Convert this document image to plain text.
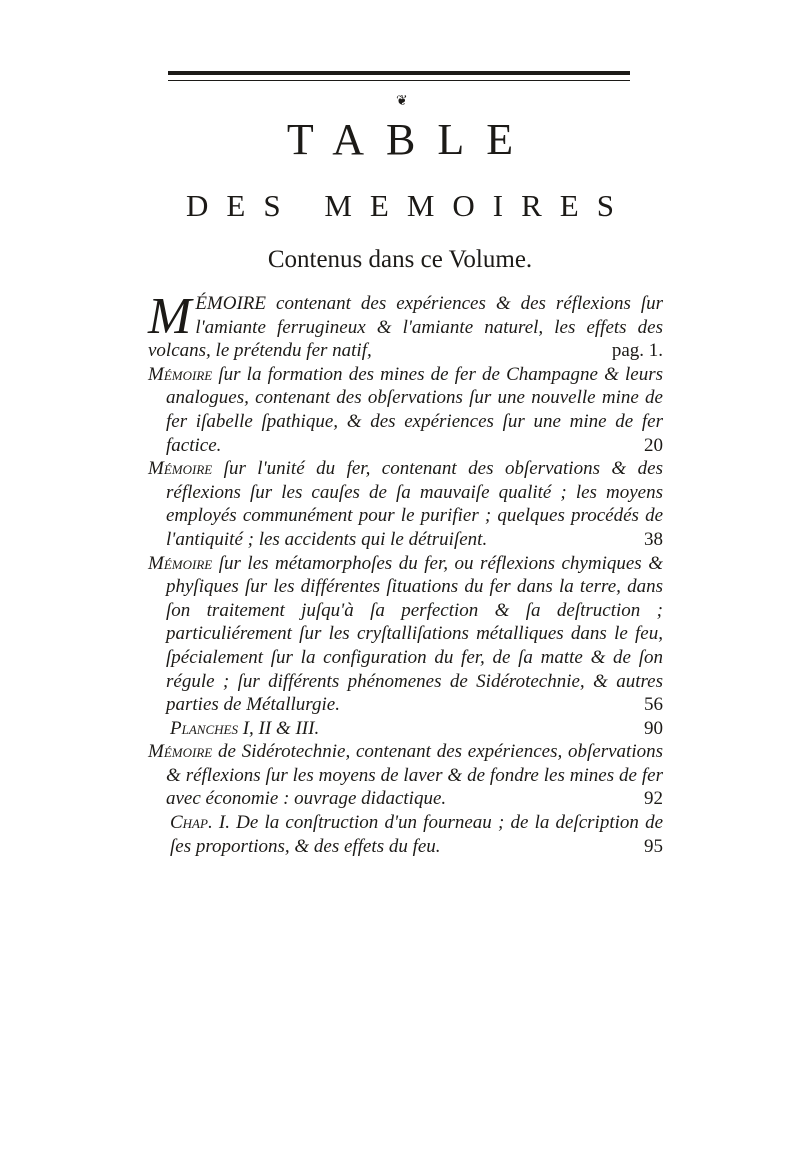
❦
TABLE
DES MEMOIRES
Contenus dans ce Volume.

MÉMOIRE contenant des expériences & des réflexions ſur l'amiante ferrugineux & l'amiante naturel, les effets des volcans, le prétendu fer natif,	pag. 1.

Mémoire ſur la formation des mines de fer de Champagne & leurs analogues, contenant des obſervations ſur une nouvelle mine de fer iſabelle ſpathique, & des expériences ſur une mine de fer factice.	20

Mémoire ſur l'unité du fer, contenant des obſervations & des réflexions ſur les cauſes de ſa mauvaiſe qualité ; les moyens employés communément pour le purifier ; quelques procédés de l'antiquité ; les accidents qui le détruiſent.	38

Mémoire ſur les métamorphoſes du fer, ou réflexions chymiques & phyſiques ſur les différentes ſituations du fer dans la terre, dans ſon traitement juſqu'à ſa perfection & ſa deſtruction ; particuliérement ſur les cryſtalliſations métalliques dans le feu, ſpécialement ſur la configuration du fer, de ſa matte & de ſon régule ; ſur différents phénomenes de Sidérotechnie, & autres parties de Métallurgie.	56

Planches I, II & III.	90

Mémoire de Sidérotechnie, contenant des expériences, obſervations & réflexions ſur les moyens de laver & de fondre les mines de fer avec économie : ouvrage didactique.	92

Chap. I. De la conſtruction d'un fourneau ; de la deſcription de ſes proportions, & des effets du feu.	95
